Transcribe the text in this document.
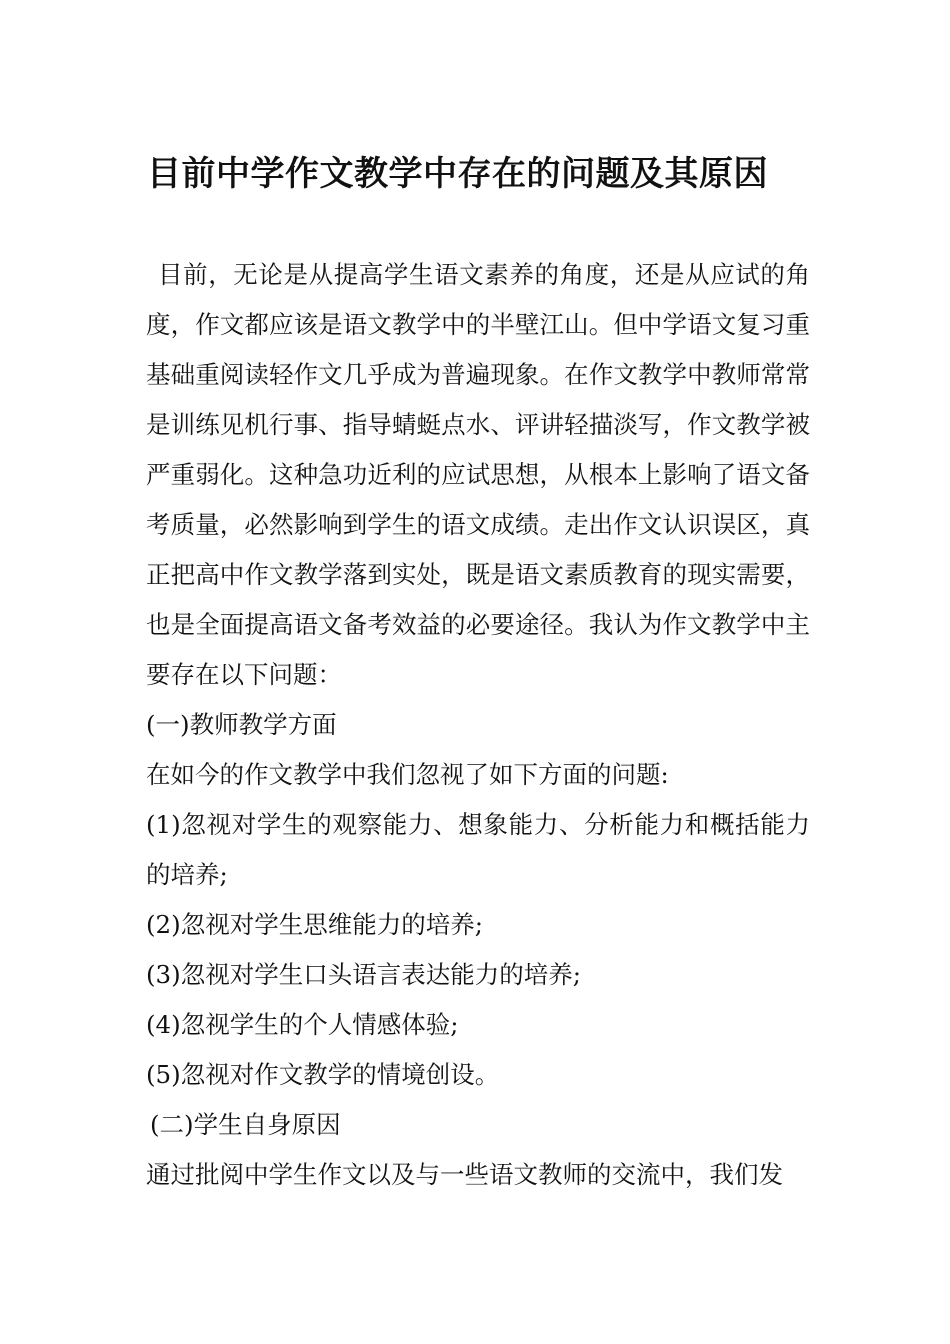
目前中学作文教学中存在的问题及其原因

目前，无论是从提高学生语文素养的角度，还是从应试的角度，作文都应该是语文教学中的半壁江山。但中学语文复习重基础重阅读轻作文几乎成为普遍现象。在作文教学中教师常常是训练见机行事、指导蜻蜓点水、评讲轻描淡写，作文教学被严重弱化。这种急功近利的应试思想，从根本上影响了语文备考质量，必然影响到学生的语文成绩。走出作文认识误区，真正把高中作文教学落到实处，既是语文素质教育的现实需要，也是全面提高语文备考效益的必要途径。我认为作文教学中主要存在以下问题：

(一)教师教学方面

在如今的作文教学中我们忽视了如下方面的问题:

(1)忽视对学生的观察能力、想象能力、分析能力和概括能力的培养;

(2)忽视对学生思维能力的培养;

(3)忽视对学生口头语言表达能力的培养;

(4)忽视学生的个人情感体验;

(5)忽视对作文教学的情境创设。

(二)学生自身原因

通过批阅中学生作文以及与一些语文教师的交流中，我们发
